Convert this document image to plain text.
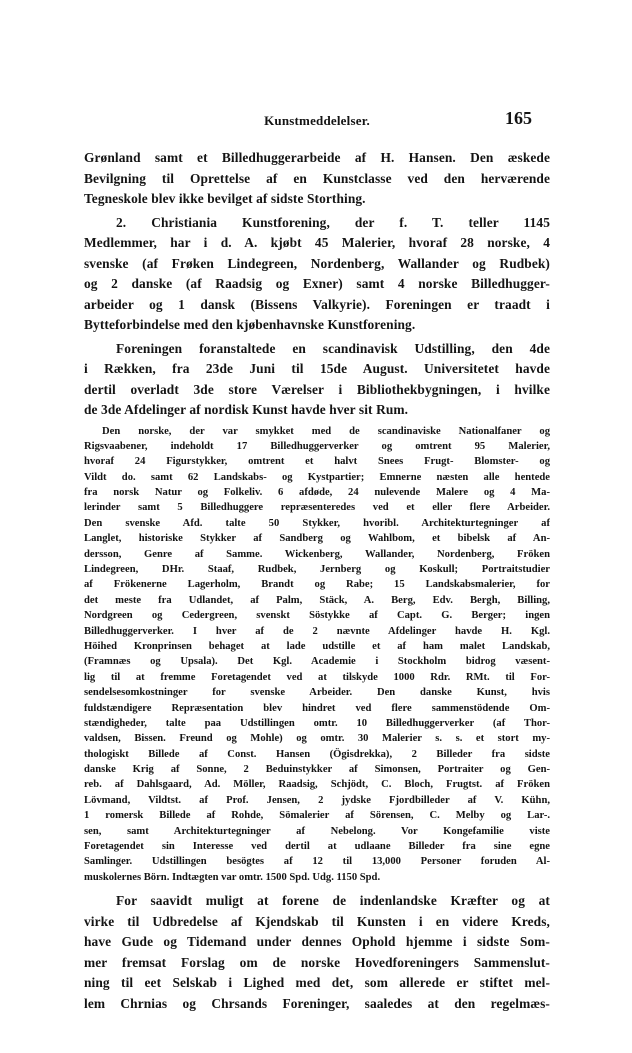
Kunstmeddelelser.	165
Grønland samt et Billedhuggerarbeide af H. Hansen. Den æskede
Bevilgning til Oprettelse af en Kunstclasse ved den herværende
Tegneskole blev ikke bevilget af sidste Storthing.
2. Christiania Kunstforening, der f. T. teller 1145
Medlemmer, har i d. A. kjøbt 45 Malerier, hvoraf 28 norske, 4
svenske (af Frøken Lindegreen, Nordenberg, Wallander og Rudbek)
og 2 danske (af Raadsig og Exner) samt 4 norske Billedhugger-
arbeider og 1 dansk (Bissens Valkyrie). Foreningen er traadt i
Bytteforbindelse med den kjøbenhavnske Kunstforening.
Foreningen foranstaltede en scandinavisk Udstilling, den 4de
i Rækken, fra 23de Juni til 15de August. Universitetet havde
dertil overladt 3de store Værelser i Bibliothekbygningen, i hvilke
de 3de Afdelinger af nordisk Kunst havde hver sit Rum.
Den norske, der var smykket med de scandinaviske Nationalfaner og
Rigsvaabener, indeholdt 17 Billedhuggerverker og omtrent 95 Malerier,
hvoraf 24 Figurstykker, omtrent et halvt Snees Frugt- Blomster- og
Vildt do. samt 62 Landskabs- og Kystpartier; Emnerne næsten alle hentede
fra norsk Natur og Folkeliv. 6 afdøde, 24 nulevende Malere og 4 Ma-
lerinder samt 5 Billedhuggere repræsenteredes ved et eller flere Arbeider.
Den svenske Afd. talte 50 Stykker, hvoribl. Architekturtegninger af
Langlet, historiske Stykker af Sandberg og Wahlbom, et bibelsk af An-
dersson, Genre af Samme. Wickenberg, Wallander, Nordenberg, Fröken
Lindegreen, DHr. Staaf, Rudbek, Jernberg og Koskull; Portraitstudier
af Frökenerne Lagerholm, Brandt og Rabe; 15 Landskabsmalerier, for
det meste fra Udlandet, af Palm, Stäck, A. Berg, Edv. Bergh, Billing,
Nordgreen og Cedergreen, svenskt Söstykke af Capt. G. Berger; ingen
Billedhuggerverker. I hver af de 2 nævnte Afdelinger havde H. Kgl.
Höihed Kronprinsen behaget at lade udstille et af ham malet Landskab,
(Framnæs og Upsala). Det Kgl. Academie i Stockholm bidrog væsent-
lig til at fremme Foretagendet ved at tilskyde 1000 Rdr. RMt. til For-
sendelsesomkostninger for svenske Arbeider. Den danske Kunst, hvis
fuldstændigere Repræsentation blev hindret ved flere sammenstödende Om-
stændigheder, talte paa Udstillingen omtr. 10 Billedhuggerverker (af Thor-
valdsen, Bissen. Freund og Mohle) og omtr. 30 Malerier s. s. et stort my-
thologiskt Billede af Const. Hansen (Ögisdrekka), 2 Billeder fra sidste
danske Krig af Sonne, 2 Beduinstykker af Simonsen, Portraiter og Gen-
reb. af Dahlsgaard, Ad. Möller, Raadsig, Schjödt, C. Bloch, Frugtst. af Fröken
Lövmand, Vildtst. af Prof. Jensen, 2 jydske Fjordbilleder af V. Kühn,
1 romersk Billede af Rohde, Sömalerier af Sörensen, C. Melby og Lar-.
sen, samt Architekturtegninger af Nebelong. Vor Kongefamilie viste
Foretagendet sin Interesse ved dertil at udlaane Billeder fra sine egne
Samlinger. Udstillingen besögtes af 12 til 13,000 Personer foruden Al-
muskolernes Börn. Indtægten var omtr. 1500 Spd. Udg. 1150 Spd.
For saavidt muligt at forene de indenlandske Kræfter og at
virke til Udbredelse af Kjendskab til Kunsten i en videre Kreds,
have Gude og Tidemand under dennes Ophold hjemme i sidste Som-
mer fremsat Forslag om de norske Hovedforeningers Sammenslut-
ning til eet Selskab i Lighed med det, som allerede er stiftet mel-
lem Chrnias og Chrsands Foreninger, saaledes at den regelmæs-
